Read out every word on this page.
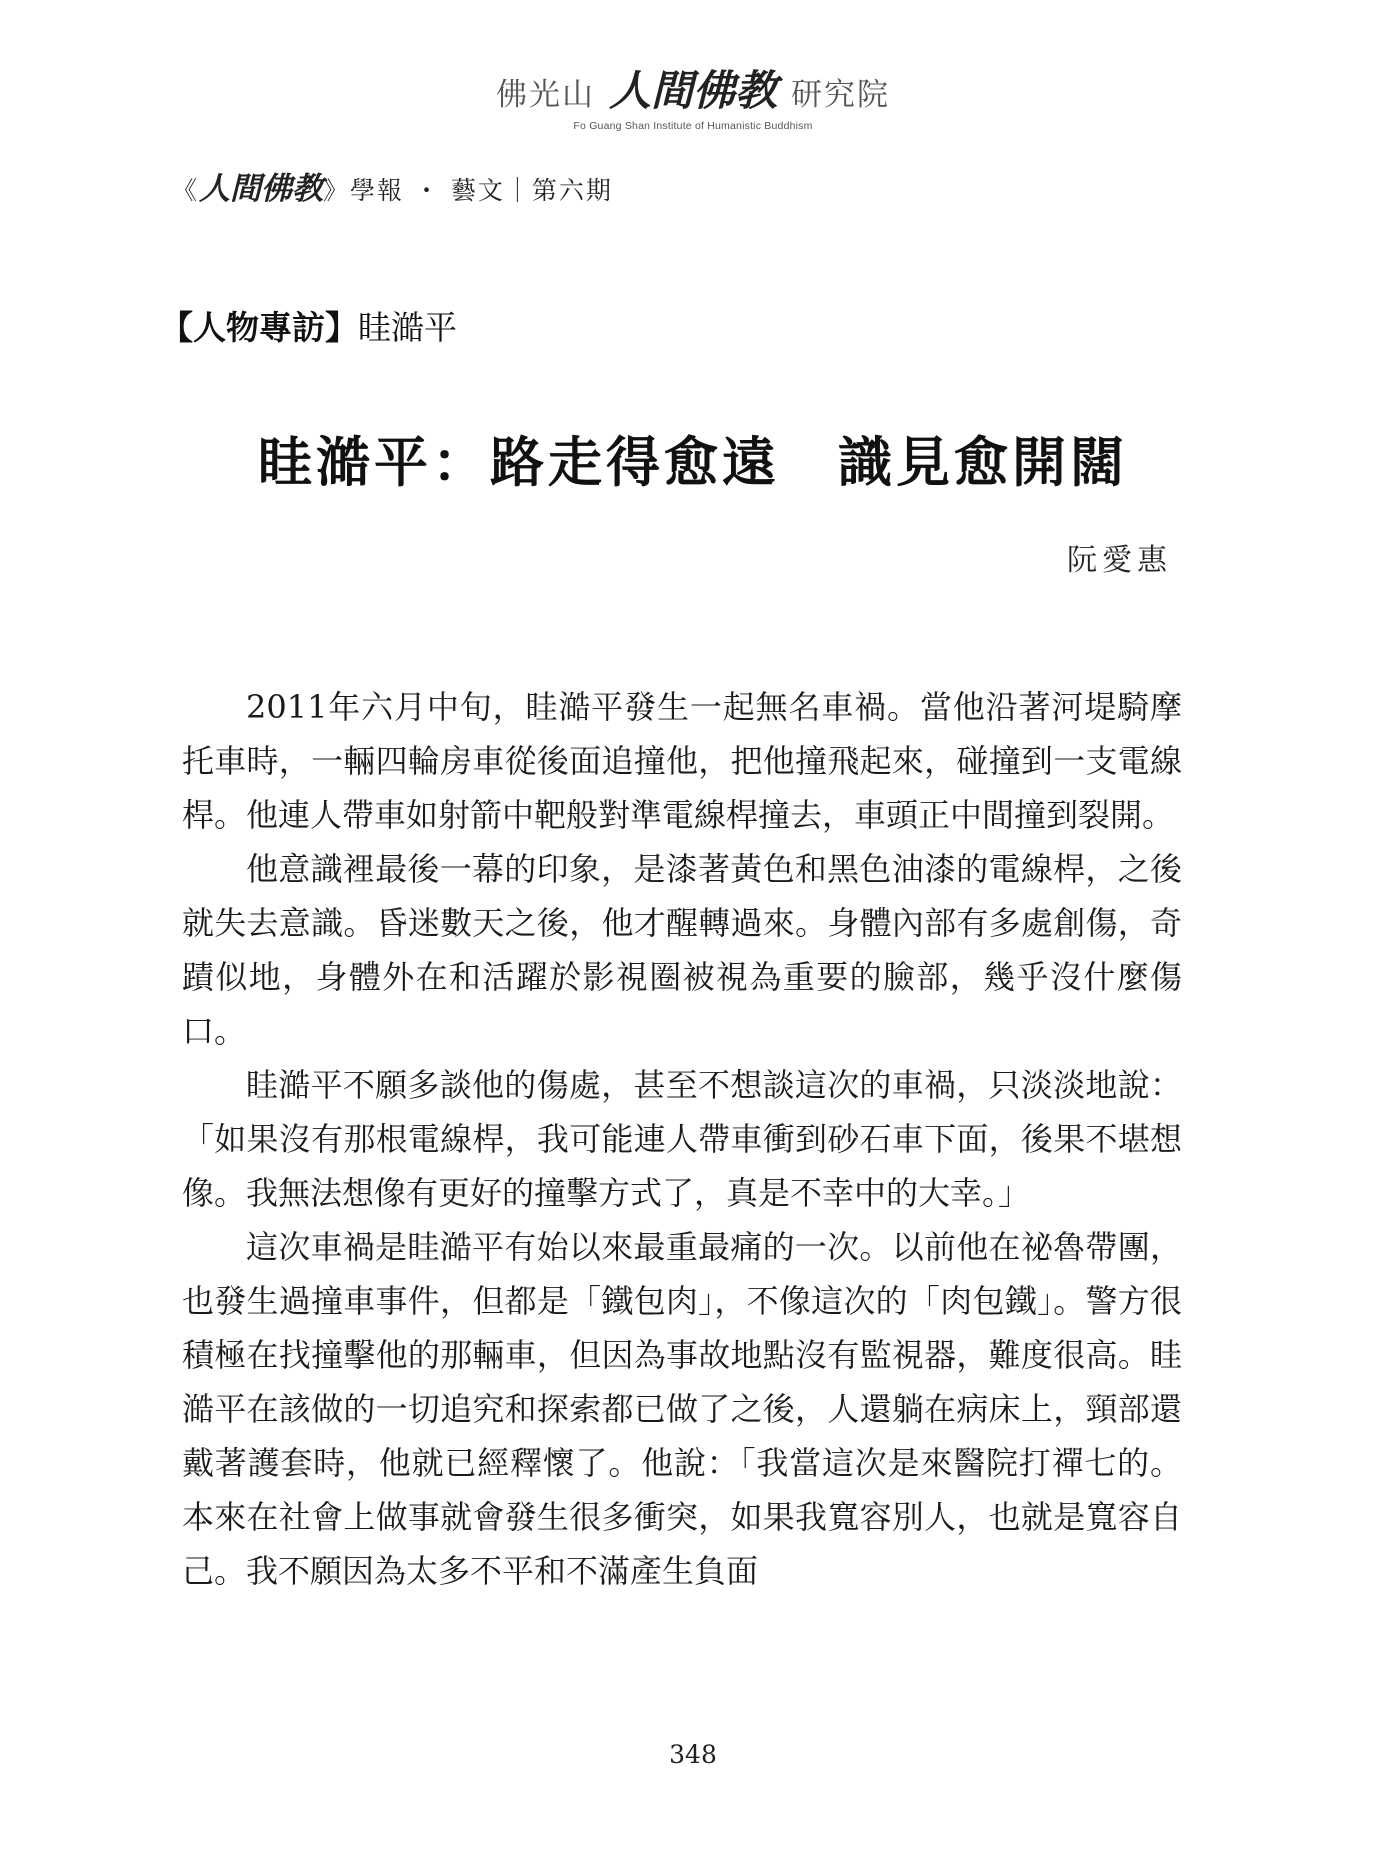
佛光山 人間佛教 研究院
Fo Guang Shan Institute of Humanistic Buddhism
《 人間佛教 》學報 ・ 藝文｜第六期
【人物專訪】眭澔平
眭澔平：路走得愈遠　識見愈開闊
阮愛惠

2011年六月中旬，眭澔平發生一起無名車禍。當他沿著河堤騎摩托車時，一輛四輪房車從後面追撞他，把他撞飛起來，碰撞到一支電線桿。他連人帶車如射箭中靶般對準電線桿撞去，車頭正中間撞到裂開。

他意識裡最後一幕的印象，是漆著黃色和黑色油漆的電線桿，之後就失去意識。昏迷數天之後，他才醒轉過來。身體內部有多處創傷，奇蹟似地，身體外在和活躍於影視圈被視為重要的臉部，幾乎沒什麼傷口。

眭澔平不願多談他的傷處，甚至不想談這次的車禍，只淡淡地說：「如果沒有那根電線桿，我可能連人帶車衝到砂石車下面，後果不堪想像。我無法想像有更好的撞擊方式了，真是不幸中的大幸。」

這次車禍是眭澔平有始以來最重最痛的一次。以前他在祕魯帶團，也發生過撞車事件，但都是「鐵包肉」，不像這次的「肉包鐵」。警方很積極在找撞擊他的那輛車，但因為事故地點沒有監視器，難度很高。眭澔平在該做的一切追究和探索都已做了之後，人還躺在病床上，頸部還戴著護套時，他就已經釋懷了。他說：「我當這次是來醫院打禪七的。本來在社會上做事就會發生很多衝突，如果我寬容別人，也就是寬容自己。我不願因為太多不平和不滿產生負面

348
